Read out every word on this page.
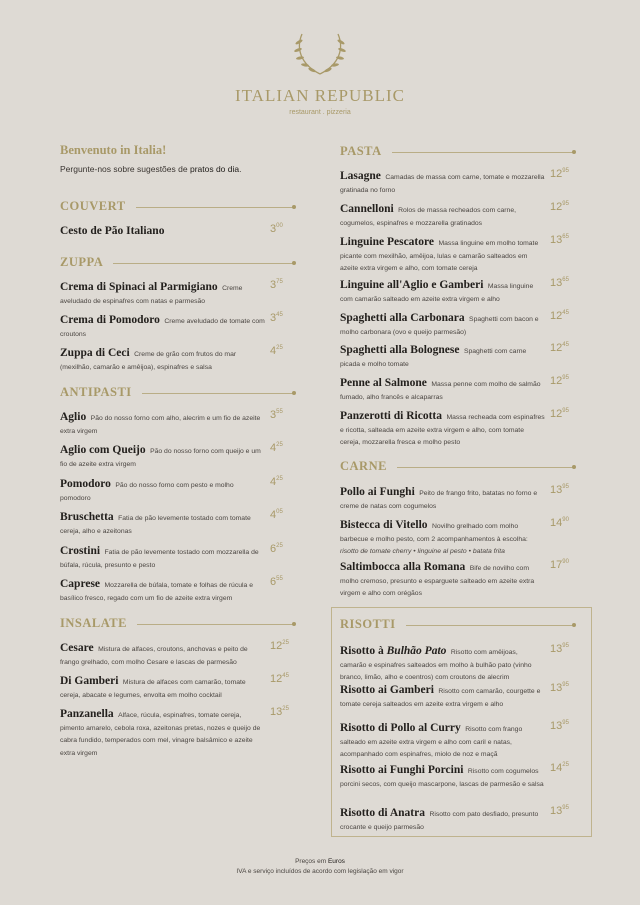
ITALIAN REPUBLIC
restaurant . pizzeria
Benvenuto in Italia!
Pergunte-nos sobre sugestões de pratos do dia.
COUVERT
Cesto de Pão Italiano	$3^{00}$
ZUPPA
Crema di Spinaci al Parmigiano Creme aveludado de espinafres com natas e parmesão
$3^{75}$
Crema di Pomodoro Creme aveludado de tomate com croutons
$3^{45}$
Zuppa di Ceci Creme de grão com frutos do mar (mexilhão, camarão e amêijoa), espinafres e salsa
$4^{25}$
ANTIPASTI
Aglio Pão do nosso forno com alho, alecrim e um fio de azeite extra virgem
$3^{55}$
Aglio com Queijo Pão do nosso forno com queijo e um fio de azeite extra virgem
$4^{25}$
Pomodoro Pão do nosso forno com pesto e molho pomodoro
$4^{25}$
Bruschetta Fatia de pão levemente tostado com tomate cereja, alho e azeitonas
$4^{05}$
Crostini Fatia de pão levemente tostado com mozzarella de búfala, rúcula, presunto e pesto
$6^{25}$
Caprese Mozzarella de búfala, tomate e folhas de rúcula e basílico fresco, regado com um fio de azeite extra virgem
$6^{55}$
INSALATE
Cesare Mistura de alfaces, croutons, anchovas e peito de frango grelhado, com molho Cesare e lascas de parmesão
$12^{25}$
Di Gamberi Mistura de alfaces com camarão, tomate cereja, abacate e legumes, envolta em molho cocktail
$12^{45}$
Panzanella Alface, rúcula, espinafres, tomate cereja, pimento amarelo, cebola roxa, azeitonas pretas, nozes e queijo de cabra fundido, temperados com mel, vinagre balsâmico e azeite extra virgem
$13^{25}$
PASTA
Lasagne Camadas de massa com carne, tomate e mozzarella gratinada no forno
$12^{95}$
Cannelloni Rolos de massa recheados com carne, cogumelos, espinafres e mozzarella gratinados
$12^{95}$
Linguine Pescatore Massa linguine em molho tomate picante com mexilhão, amêijoa, lulas e camarão salteados em azeite extra virgem e alho, com tomate cereja
$13^{65}$
Linguine all'Aglio e Gamberi Massa linguine com camarão salteado em azeite extra virgem e alho
$13^{65}$
Spaghetti alla Carbonara Spaghetti com bacon e molho carbonara (ovo e queijo parmesão)
$12^{45}$
Spaghetti alla Bolognese Spaghetti com carne picada e molho tomate
$12^{45}$
Penne al Salmone Massa penne com molho de salmão fumado, alho francês e alcaparras
$12^{95}$
Panzerotti di Ricotta Massa recheada com espinafres e ricotta, salteada em azeite extra virgem e alho, com tomate cereja, mozzarella fresca e molho pesto
$12^{95}$
CARNE
Pollo ai Funghi Peito de frango frito, batatas no forno e creme de natas com cogumelos
$13^{95}$
Bistecca di Vitello Novilho grelhado com molho barbecue e molho pesto, com 2 acompanhamentos à escolha: risotto de tomate cherry • linguine al pesto • batata frita
$14^{90}$
Saltimbocca alla Romana Bife de novilho com molho cremoso, presunto e esparguete salteado em azeite extra virgem e alho com orégãos
$17^{90}$
RISOTTI
Risotto à Bulhão Pato Risotto com amêijoas, camarão e espinafres salteados em molho à bulhão pato (vinho branco, limão, alho e coentros) com croutons de alecrim
$13^{95}$
Risotto ai Gamberi Risotto com camarão, courgette e tomate cereja salteados em azeite extra virgem e alho
$13^{95}$
Risotto di Pollo al Curry Risotto com frango salteado em azeite extra virgem e alho com caril e natas, acompanhado com espinafres, miolo de noz e maçã
$13^{95}$
Risotto ai Funghi Porcini Risotto com cogumelos porcini secos, com queijo mascarpone, lascas de parmesão e salsa
$14^{25}$
Risotto di Anatra Risotto com pato desfiado, presunto crocante e queijo parmesão
$13^{95}$
Preços em Euros
IVA e serviço incluídos de acordo com legislação em vigor
